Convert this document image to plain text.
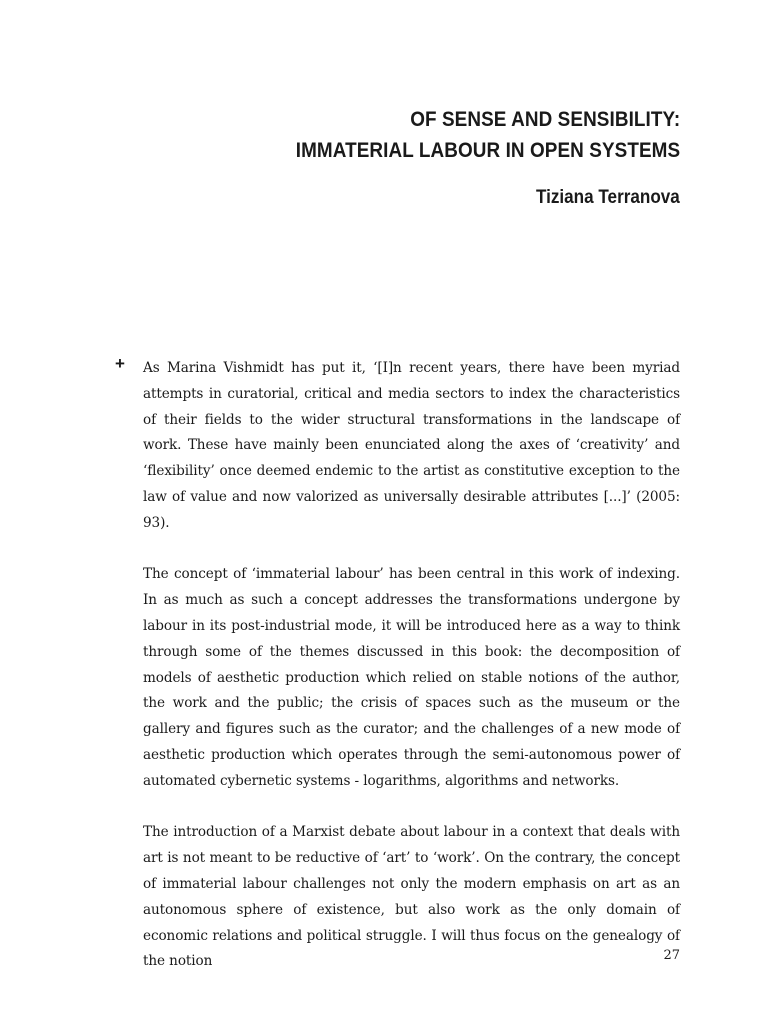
OF SENSE AND SENSIBILITY:
IMMATERIAL LABOUR IN OPEN SYSTEMS
Tiziana Terranova
+ As Marina Vishmidt has put it, ‘[I]n recent years, there have been myriad attempts in curatorial, critical and media sectors to index the characteristics of their fields to the wider structural transformations in the landscape of work. These have mainly been enunciated along the axes of ‘creativity’ and ‘flexibility’ once deemed endemic to the artist as constitutive exception to the law of value and now valorized as universally desirable attributes [...]’ (2005: 93).

The concept of ‘immaterial labour’ has been central in this work of indexing. In as much as such a concept addresses the transformations undergone by labour in its post-industrial mode, it will be introduced here as a way to think through some of the themes discussed in this book: the decomposition of models of aesthetic production which relied on stable notions of the author, the work and the public; the crisis of spaces such as the museum or the gallery and figures such as the curator; and the challenges of a new mode of aesthetic production which operates through the semi-autonomous power of automated cybernetic systems - logarithms, algorithms and networks.

The introduction of a Marxist debate about labour in a context that deals with art is not meant to be reductive of ‘art’ to ‘work’. On the contrary, the concept of immaterial labour challenges not only the modern emphasis on art as an autonomous sphere of existence, but also work as the only domain of economic relations and political struggle. I will thus focus on the genealogy of the notion	27
